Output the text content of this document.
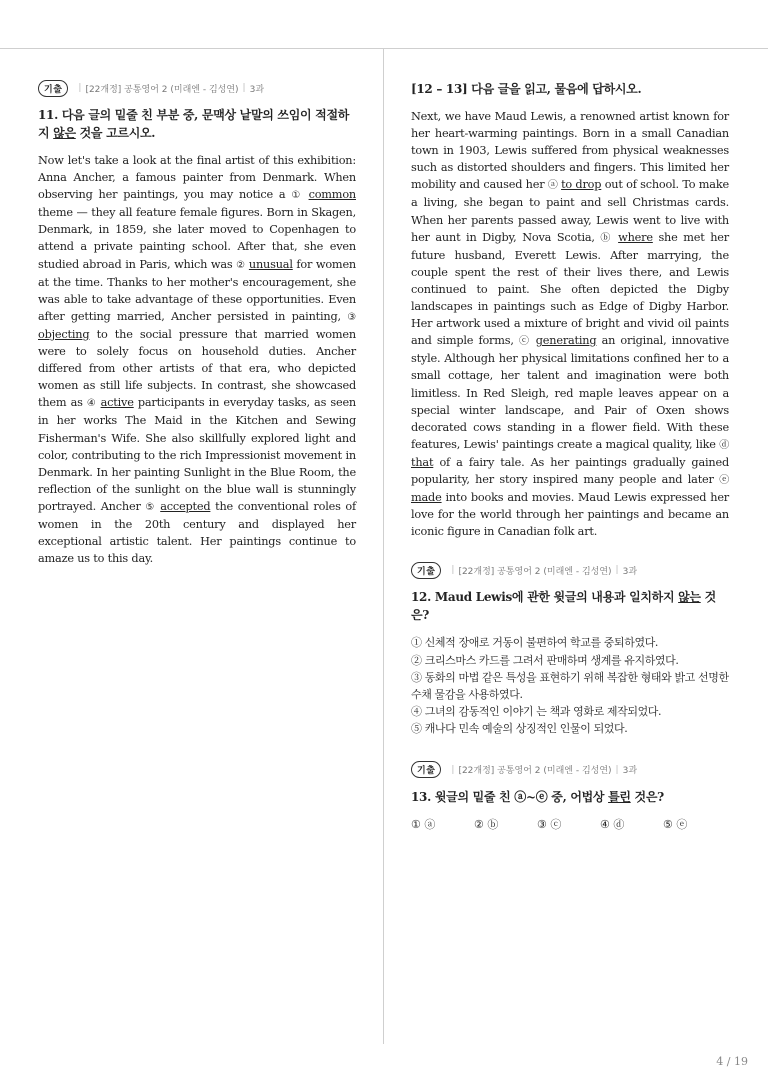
기출	| [22개정] 공통영어 2 (미래엔 - 김성연) | 3과
11. 다음 글의 밑줄 친 부분 중, 문맥상 낱말의 쓰임이 적절하지 않은 것을 고르시오.

Now let's take a look at the final artist of this exhibition: Anna Ancher, a famous painter from Denmark. When observing her paintings, you may notice a ① common theme — they all feature female figures. Born in Skagen, Denmark, in 1859, she later moved to Copenhagen to attend a private painting school. After that, she even studied abroad in Paris, which was ② unusual for women at the time. Thanks to her mother's encouragement, she was able to take advantage of these opportunities. Even after getting married, Ancher persisted in painting, ③ objecting to the social pressure that married women were to solely focus on household duties. Ancher differed from other artists of that era, who depicted women as still life subjects. In contrast, she showcased them as ④ active participants in everyday tasks, as seen in her works The Maid in the Kitchen and Sewing Fisherman's Wife. She also skillfully explored light and color, contributing to the rich Impressionist movement in Denmark. In her painting Sunlight in the Blue Room, the reflection of the sunlight on the blue wall is stunningly portrayed. Ancher ⑤ accepted the conventional roles of women in the 20th century and displayed her exceptional artistic talent. Her paintings continue to amaze us to this day.

[12 – 13] 다음 글을 읽고, 물음에 답하시오.

Next, we have Maud Lewis, a renowned artist known for her heart-warming paintings. Born in a small Canadian town in 1903, Lewis suffered from physical weaknesses such as distorted shoulders and fingers. This limited her mobility and caused her ⓐ to drop out of school. To make a living, she began to paint and sell Christmas cards. When her parents passed away, Lewis went to live with her aunt in Digby, Nova Scotia, ⓑ where she met her future husband, Everett Lewis. After marrying, the couple spent the rest of their lives there, and Lewis continued to paint. She often depicted the Digby landscapes in paintings such as Edge of Digby Harbor. Her artwork used a mixture of bright and vivid oil paints and simple forms, ⓒ generating an original, innovative style. Although her physical limitations confined her to a small cottage, her talent and imagination were both limitless. In Red Sleigh, red maple leaves appear on a special winter landscape, and Pair of Oxen shows decorated cows standing in a flower field. With these features, Lewis' paintings create a magical quality, like ⓓ that of a fairy tale. As her paintings gradually gained popularity, her story inspired many people and later ⓔ made into books and movies. Maud Lewis expressed her love for the world through her paintings and became an iconic figure in Canadian folk art.

기출	| [22개정] 공통영어 2 (미래엔 - 김성연) | 3과
12. Maud Lewis에 관한 윗글의 내용과 일치하지 않는 것은?

① 신체적 장애로 거동이 불편하여 학교를 중퇴하였다.

② 크리스마스 카드를 그려서 판매하며 생계를 유지하였다.

③ 동화의 마법 같은 특성을 표현하기 위해 복잡한 형태와 밝고 선명한 수채 물감을 사용하였다.

④ 그녀의 감동적인 이야기 는 책과 영화로 제작되었다.

⑤ 캐나다 민속 예술의 상징적인 인물이 되었다.

기출	| [22개정] 공통영어 2 (미래엔 - 김성연) | 3과
13. 윗글의 밑줄 친 ⓐ~ⓔ 중, 어법상 틀린 것은?
① ⓐ	② ⓑ	③ ⓒ	④ ⓓ	⑤ ⓔ
4 / 19
